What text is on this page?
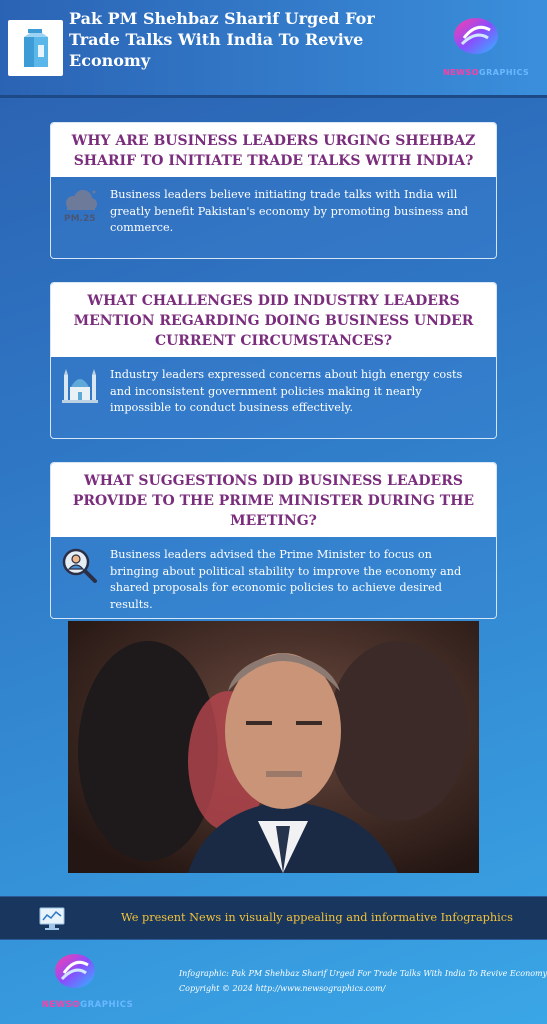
Pak PM Shehbaz Sharif Urged For Trade Talks With India To Revive Economy
NEWSOGRAPHICS
WHY ARE BUSINESS LEADERS URGING SHEHBAZ SHARIF TO INITIATE TRADE TALKS WITH INDIA?
PM.25
Business leaders believe initiating trade talks with India will greatly benefit Pakistan's economy by promoting business and commerce.
WHAT CHALLENGES DID INDUSTRY LEADERS MENTION REGARDING DOING BUSINESS UNDER CURRENT CIRCUMSTANCES?
Industry leaders expressed concerns about high energy costs and inconsistent government policies making it nearly impossible to conduct business effectively.
WHAT SUGGESTIONS DID BUSINESS LEADERS PROVIDE TO THE PRIME MINISTER DURING THE MEETING?
Business leaders advised the Prime Minister to focus on bringing about political stability to improve the economy and shared proposals for economic policies to achieve desired results.
We present News in visually appealing and informative Infographics
NEWSOGRAPHICS
Infographic: Pak PM Shehbaz Sharif Urged For Trade Talks With India To Revive Economy
Copyright © 2024 http://www.newsographics.com/
